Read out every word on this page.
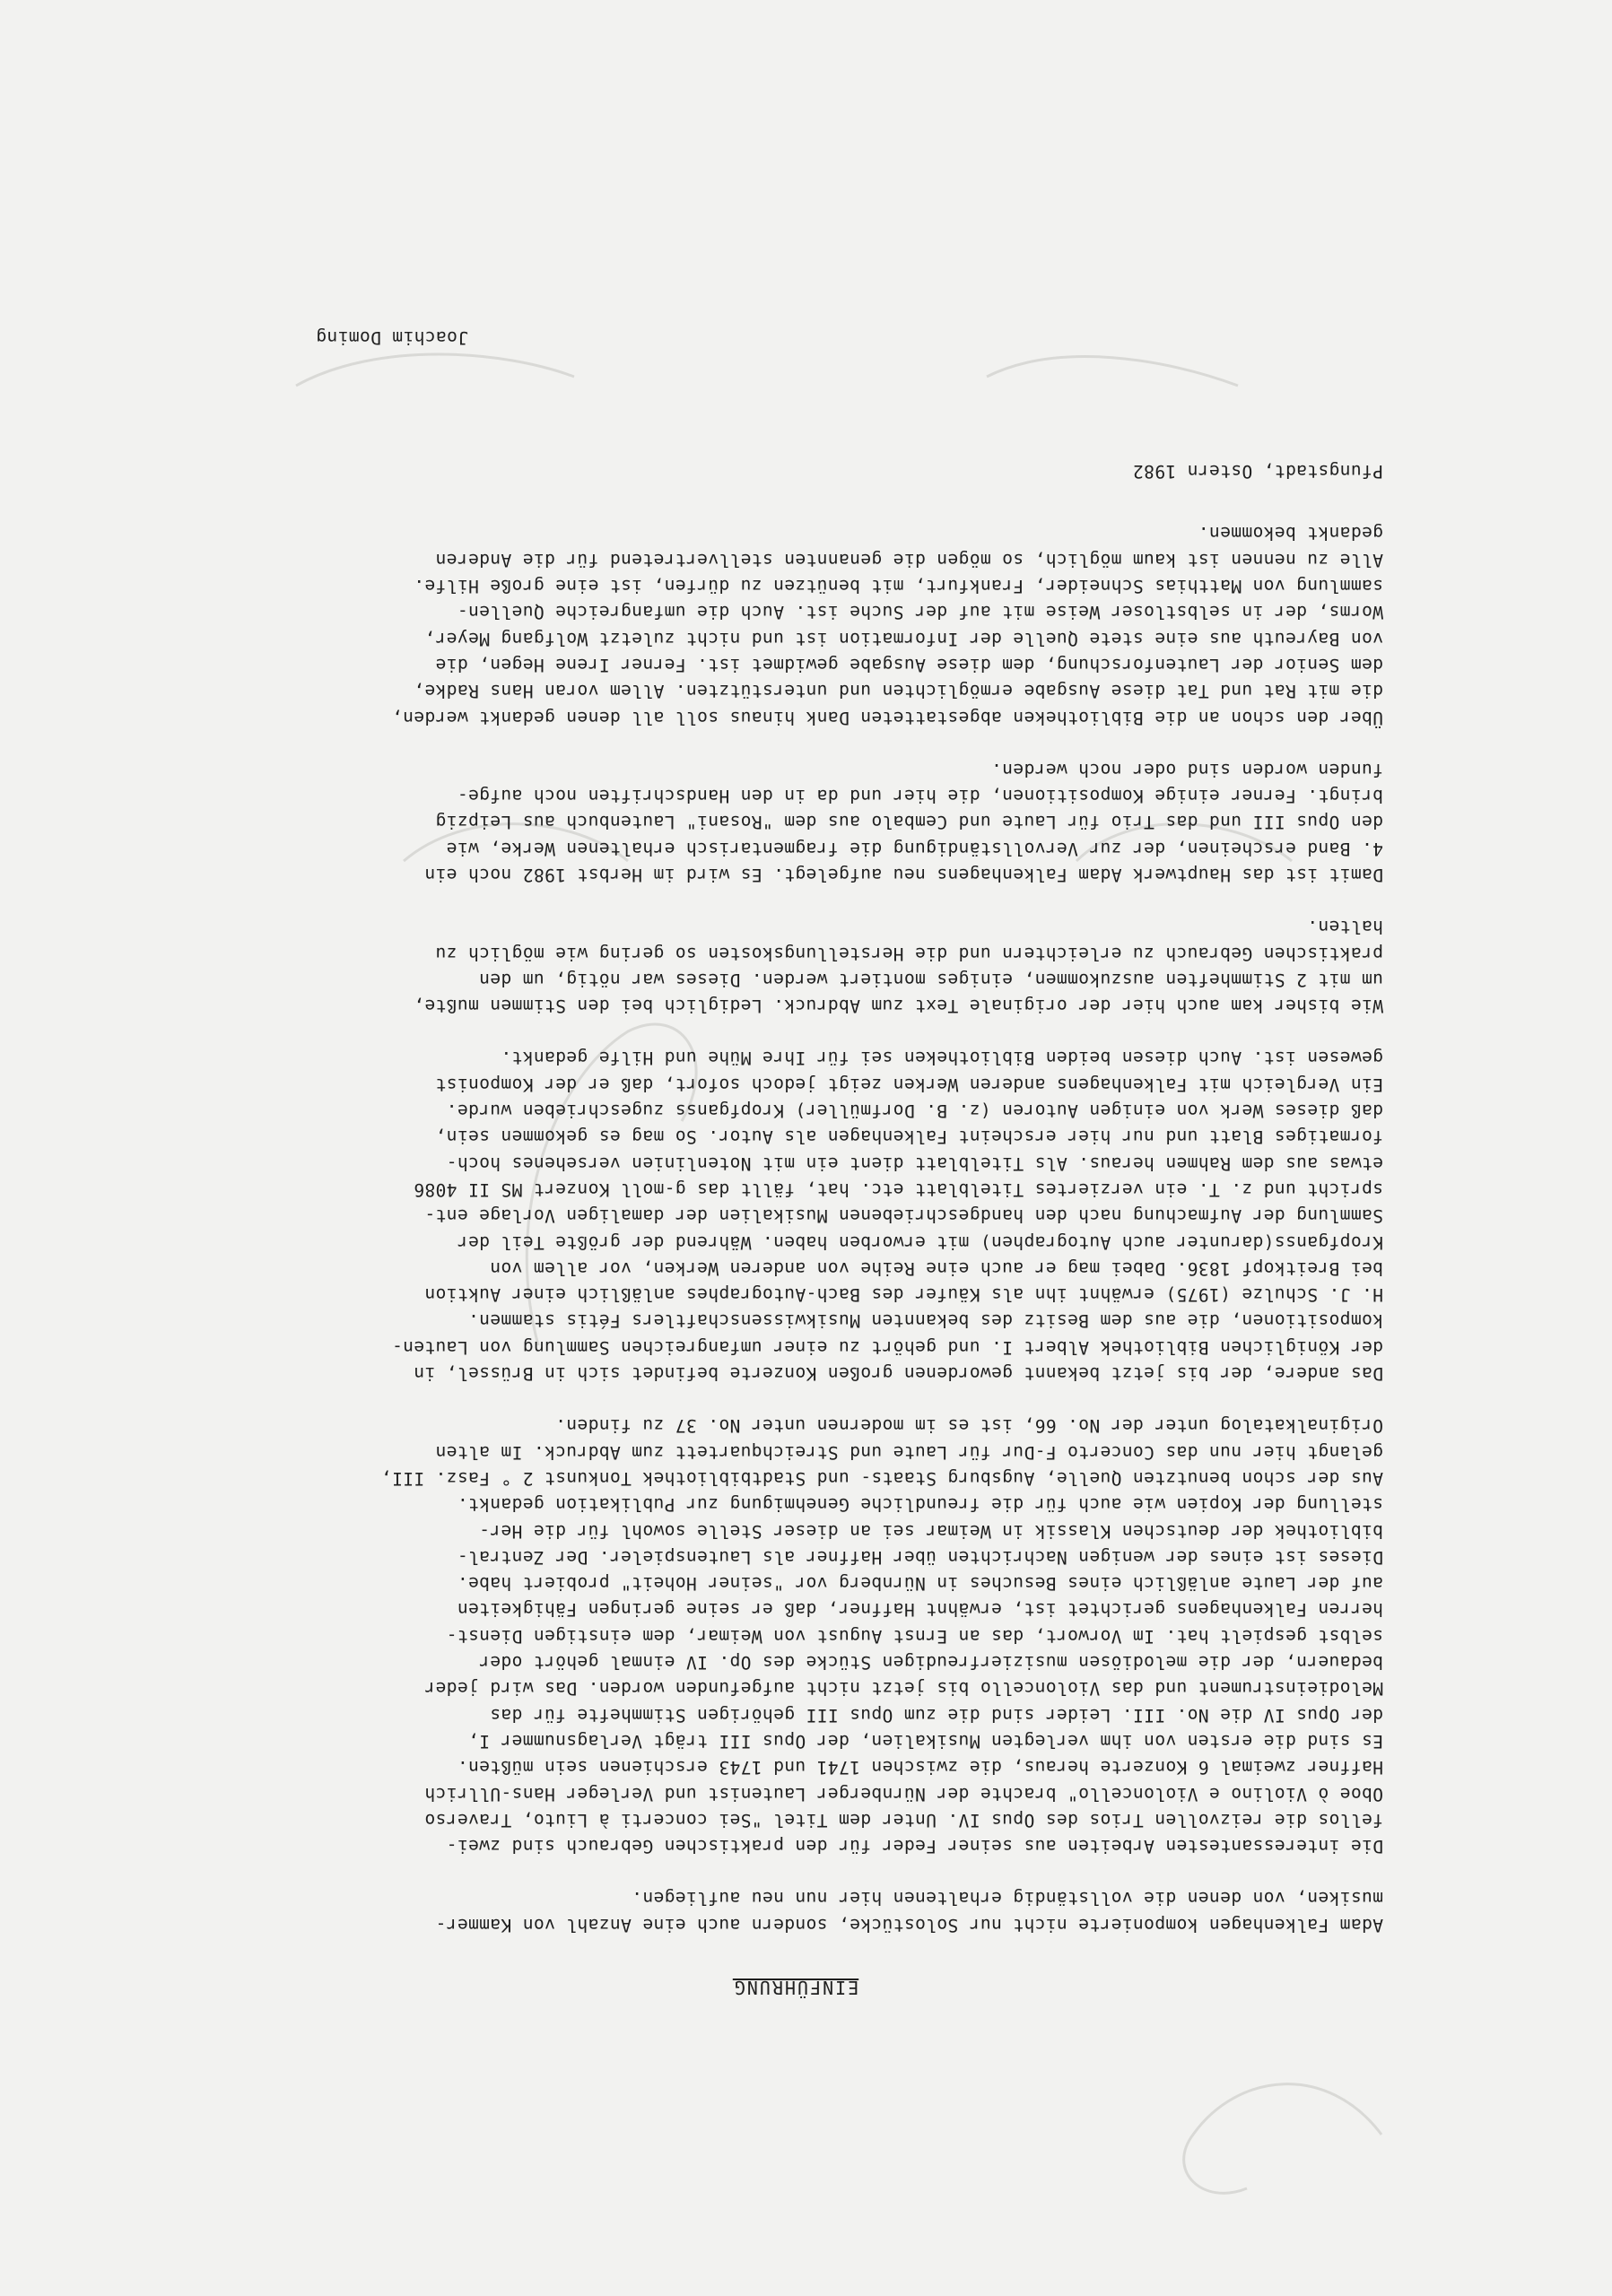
EINFÜHRUNG
Adam Falkenhagen komponierte nicht nur Solostücke, sondern auch eine Anzahl von Kammer-
musiken, von denen die vollständig erhaltenen hier nun neu aufliegen.
Die interessantesten Arbeiten aus seiner Feder für den praktischen Gebrauch sind zwei-
fellos die reizvollen Trios des Opus IV. Unter dem Titel "Sei concerti à Liuto, Traverso
Oboe ò Violino e Violoncello" brachte der Nürnberger Lautenist und Verleger Hans-Ullrich
Haffner zweimal 6 Konzerte heraus, die zwischen 1741 und 1743 erschienen sein müßten.
Es sind die ersten von ihm verlegten Musikalien, der Opus III trägt Verlagsnummer I,
der Opus IV die No. III. Leider sind die zum Opus III gehörigen Stimmhefte für das
Melodieinstrument und das Violoncello bis jetzt nicht aufgefunden worden. Das wird jeder
bedauern, der die melodiösen musizierfreudigen Stücke des Op. IV einmal gehört oder
selbst gespielt hat. Im Vorwort, das an Ernst August von Weimar, dem einstigen Dienst-
herren Falkenhagens gerichtet ist, erwähnt Haffner, daß er seine geringen Fähigkeiten
auf der Laute anläßlich eines Besuches in Nürnberg vor "seiner Hoheit" probiert habe.
Dieses ist eines der wenigen Nachrichten über Haffner als Lautenspieler. Der Zentral-
bibliothek der deutschen Klassik in Weimar sei an dieser Stelle sowohl für die Her-
stellung der Kopien wie auch für die freundliche Genehmigung zur Publikation gedankt.
Aus der schon benutzten Quelle, Augsburg Staats- und Stadtbibliothek Tonkunst 2 ° Fasz. III,
gelangt hier nun das Concerto F-Dur für Laute und Streichquartett zum Abdruck. Im alten
Originalkatalog unter der No. 66, ist es im modernen unter No. 37 zu finden.
Das andere, der bis jetzt bekannt gewordenen großen Konzerte befindet sich in Brüssel, in
der Königlichen Bibliothek Albert I. und gehört zu einer umfangreichen Sammlung von Lauten-
kompositionen, die aus dem Besitz des bekannten Musikwissenschaftlers Fétis stammen.
H. J. Schulze (1975) erwähnt ihn als Käufer des Bach-Autographes anläßlich einer Auktion
bei Breitkopf 1836. Dabei mag er auch eine Reihe von anderen Werken, vor allem von
Kropfganss(darunter auch Autographen) mit erworben haben. Während der größte Teil der
Sammlung der Aufmachung nach den handgeschriebenen Musikalien der damaligen Vorlage ent-
spricht und z. T. ein verziertes Titelblatt etc. hat, fällt das g-moll Konzert MS II 4086
etwas aus dem Rahmen heraus. Als Titelblatt dient ein mit Notenlinien versehenes hoch-
formatiges Blatt und nur hier erscheint Falkenhagen als Autor. So mag es gekommen sein,
daß dieses Werk von einigen Autoren (z. B. Dorfmüller) Kropfganss zugeschrieben wurde.
Ein Vergleich mit Falkenhagens anderen Werken zeigt jedoch sofort, daß er der Komponist
gewesen ist. Auch diesen beiden Bibliotheken sei für Ihre Mühe und Hilfe gedankt.
Wie bisher kam auch hier der originale Text zum Abdruck. Lediglich bei den Stimmen mußte,
um mit 2 Stimmheften auszukommen, einiges montiert werden. Dieses war nötig, um den
praktischen Gebrauch zu erleichtern und die Herstellungskosten so gering wie möglich zu
halten.
Damit ist das Hauptwerk Adam Falkenhagens neu aufgelegt. Es wird im Herbst 1982 noch ein
4. Band erscheinen, der zur Vervollständigung die fragmentarisch erhaltenen Werke, wie
den Opus III und das Trio für Laute und Cembalo aus dem "Rosani" Lautenbuch aus Leipzig
bringt. Ferner einige Kompositionen, die hier und da in den Handschriften noch aufge-
funden worden sind oder noch werden.
Über den schon an die Bibliotheken abgestatteten Dank hinaus soll all denen gedankt werden,
die mit Rat und Tat diese Ausgabe ermöglichten und unterstützten. Allem voran Hans Radke,
dem Senior der Lautenforschung, dem diese Ausgabe gewidmet ist. Ferner Irene Hegen, die
von Bayreuth aus eine stete Quelle der Information ist und nicht zuletzt Wolfgang Meyer,
Worms, der in selbstloser Weise mit auf der Suche ist. Auch die umfangreiche Quellen-
sammlung von Matthias Schneider, Frankfurt, mit benützen zu dürfen, ist eine große Hilfe.
Alle zu nennen ist kaum möglich, so mögen die genannten stellvertretend für die Anderen
gedankt bekommen.
Pfungstadt, Ostern 1982
Joachim Doming
